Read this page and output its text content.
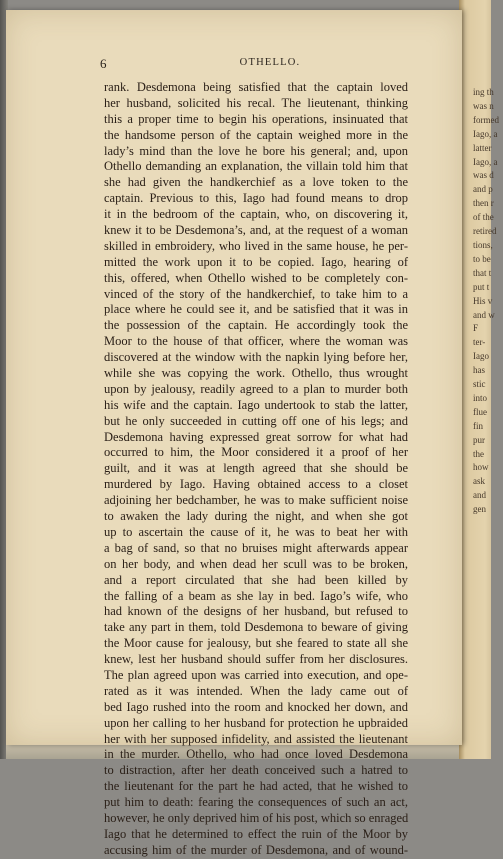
ing th
was n
formed
Iago, a
latter
Iago, a
was d
and p
then r
of the
retired
tions,
to be
that t
put t
His v
and w
F
ter-
Iago
has
stic
into
flue
fin
pur
the
how
ask
and
gen
6	OTHELLO.
rank. Desdemona being satisfied that the captain loved
her husband, solicited his recal. The lieutenant, thinking
this a proper time to begin his operations, insinuated that
the handsome person of the captain weighed more in the
lady’s mind than the love he bore his general; and, upon
Othello demanding an explanation, the villain told him that
she had given the handkerchief as a love token to the
captain. Previous to this, Iago had found means to drop
it in the bedroom of the captain, who, on discovering it,
knew it to be Desdemona’s, and, at the request of a woman
skilled in embroidery, who lived in the same house, he per-
mitted the work upon it to be copied. Iago, hearing of
this, offered, when Othello wished to be completely con-
vinced of the story of the handkerchief, to take him to a
place where he could see it, and be satisfied that it was in
the possession of the captain. He accordingly took the
Moor to the house of that officer, where the woman was
discovered at the window with the napkin lying before her,
while she was copying the work. Othello, thus wrought
upon by jealousy, readily agreed to a plan to murder both
his wife and the captain. Iago undertook to stab the latter,
but he only succeeded in cutting off one of his legs; and
Desdemona having expressed great sorrow for what had
occurred to him, the Moor considered it a proof of her
guilt, and it was at length agreed that she should be
murdered by Iago. Having obtained access to a closet
adjoining her bedchamber, he was to make sufficient noise
to awaken the lady during the night, and when she got
up to ascertain the cause of it, he was to beat her with
a bag of sand, so that no bruises might afterwards appear
on her body, and when dead her scull was to be broken,
and a report circulated that she had been killed by
the falling of a beam as she lay in bed. Iago’s wife, who
had known of the designs of her husband, but refused to
take any part in them, told Desdemona to beware of giving
the Moor cause for jealousy, but she feared to state all she
knew, lest her husband should suffer from her disclosures.
The plan agreed upon was carried into execution, and ope-
rated as it was intended. When the lady came out of
bed Iago rushed into the room and knocked her down, and
upon her calling to her husband for protection he upbraided
her with her supposed infidelity, and assisted the lieutenant
in the murder. Othello, who had once loved Desdemona
to distraction, after her death conceived such a hatred to
the lieutenant for the part he had acted, that he wished to
put him to death: fearing the consequences of such an act,
however, he only deprived him of his post, which so enraged
Iago that he determined to effect the ruin of the Moor by
accusing him of the murder of Desdemona, and of wound-
